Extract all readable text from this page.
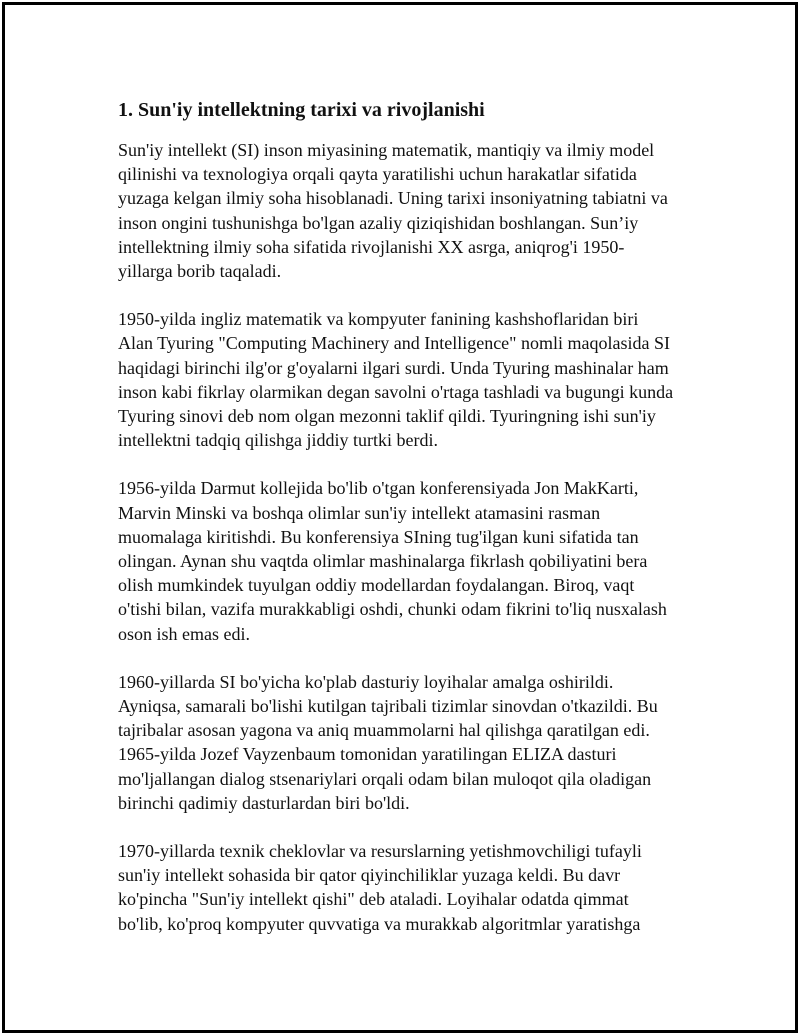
1. Sun'iy intellektning tarixi va rivojlanishi

Sun'iy intellekt (SI) inson miyasining matematik, mantiqiy va ilmiy model
qilinishi va texnologiya orqali qayta yaratilishi uchun harakatlar sifatida
yuzaga kelgan ilmiy soha hisoblanadi. Uning tarixi insoniyatning tabiatni va
inson ongini tushunishga bo'lgan azaliy qiziqishidan boshlangan. Sun’iy
intellektning ilmiy soha sifatida rivojlanishi XX asrga, aniqrog'i 1950-
yillarga borib taqaladi.

1950-yilda ingliz matematik va kompyuter fanining kashshoflaridan biri
Alan Tyuring "Computing Machinery and Intelligence" nomli maqolasida SI
haqidagi birinchi ilg'or g'oyalarni ilgari surdi. Unda Tyuring mashinalar ham
inson kabi fikrlay olarmikan degan savolni o'rtaga tashladi va bugungi kunda
Tyuring sinovi deb nom olgan mezonni taklif qildi. Tyuringning ishi sun'iy
intellektni tadqiq qilishga jiddiy turtki berdi.

1956-yilda Darmut kollejida bo'lib o'tgan konferensiyada Jon MakKarti,
Marvin Minski va boshqa olimlar sun'iy intellekt atamasini rasman
muomalaga kiritishdi. Bu konferensiya SIning tug'ilgan kuni sifatida tan
olingan. Aynan shu vaqtda olimlar mashinalarga fikrlash qobiliyatini bera
olish mumkindek tuyulgan oddiy modellardan foydalangan. Biroq, vaqt
o'tishi bilan, vazifa murakkabligi oshdi, chunki odam fikrini to'liq nusxalash
oson ish emas edi.

1960-yillarda SI bo'yicha ko'plab dasturiy loyihalar amalga oshirildi.
Ayniqsa, samarali bo'lishi kutilgan tajribali tizimlar sinovdan o'tkazildi. Bu
tajribalar asosan yagona va aniq muammolarni hal qilishga qaratilgan edi.
1965-yilda Jozef Vayzenbaum tomonidan yaratilingan ELIZA dasturi
mo'ljallangan dialog stsenariylari orqali odam bilan muloqot qila oladigan
birinchi qadimiy dasturlardan biri bo'ldi.

1970-yillarda texnik cheklovlar va resurslarning yetishmovchiligi tufayli
sun'iy intellekt sohasida bir qator qiyinchiliklar yuzaga keldi. Bu davr
ko'pincha "Sun'iy intellekt qishi" deb ataladi. Loyihalar odatda qimmat
bo'lib, ko'proq kompyuter quvvatiga va murakkab algoritmlar yaratishga
